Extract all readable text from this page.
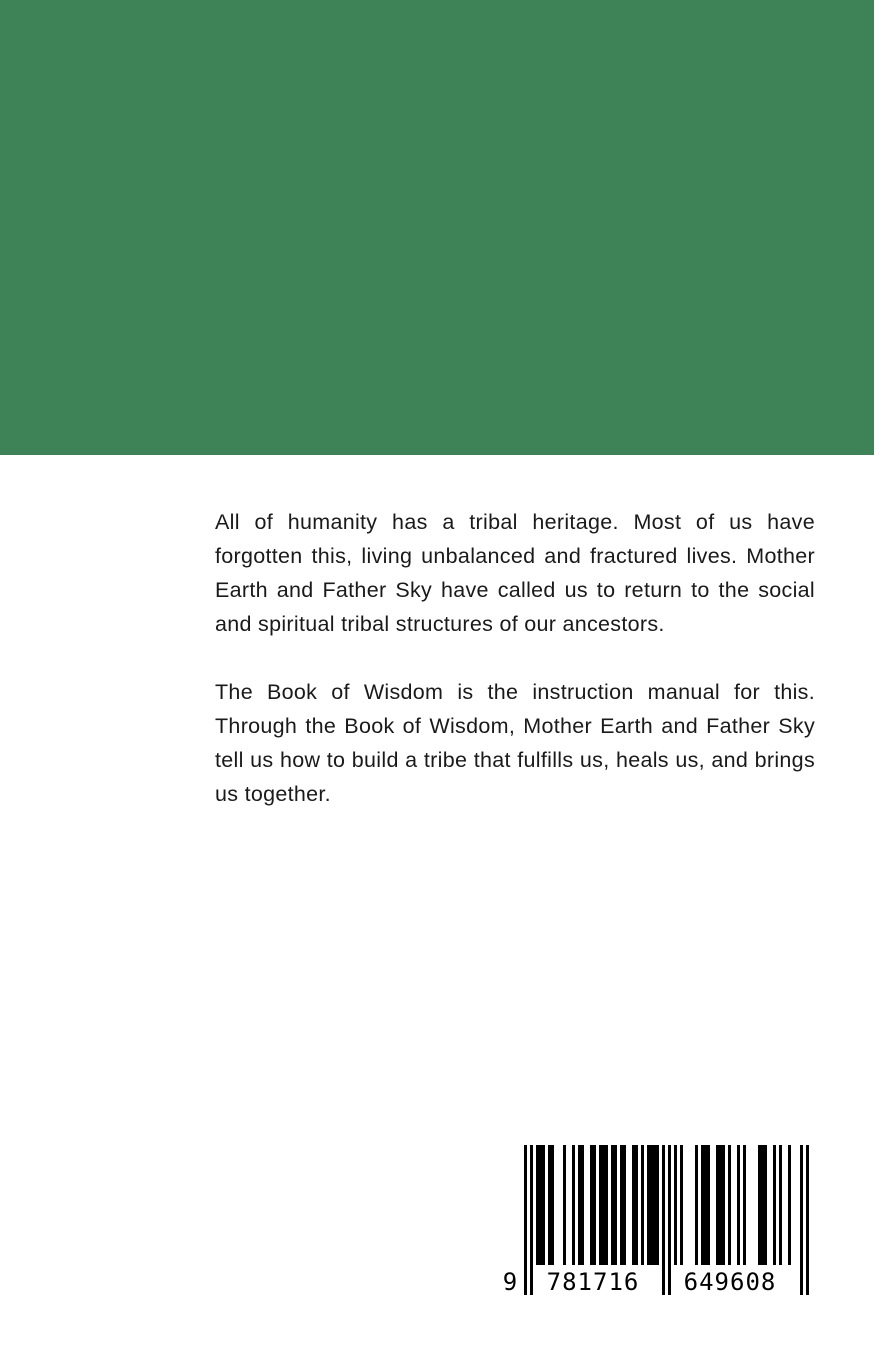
All of humanity has a tribal heritage. Most of us have forgotten this, living unbalanced and fractured lives. Mother Earth and Father Sky have called us to return to the social and spiritual tribal structures of our ancestors.

The Book of Wisdom is the instruction manual for this. Through the Book of Wisdom, Mother Earth and Father Sky tell us how to build a tribe that fulfills us, heals us, and brings us together.

9 781716 649608
